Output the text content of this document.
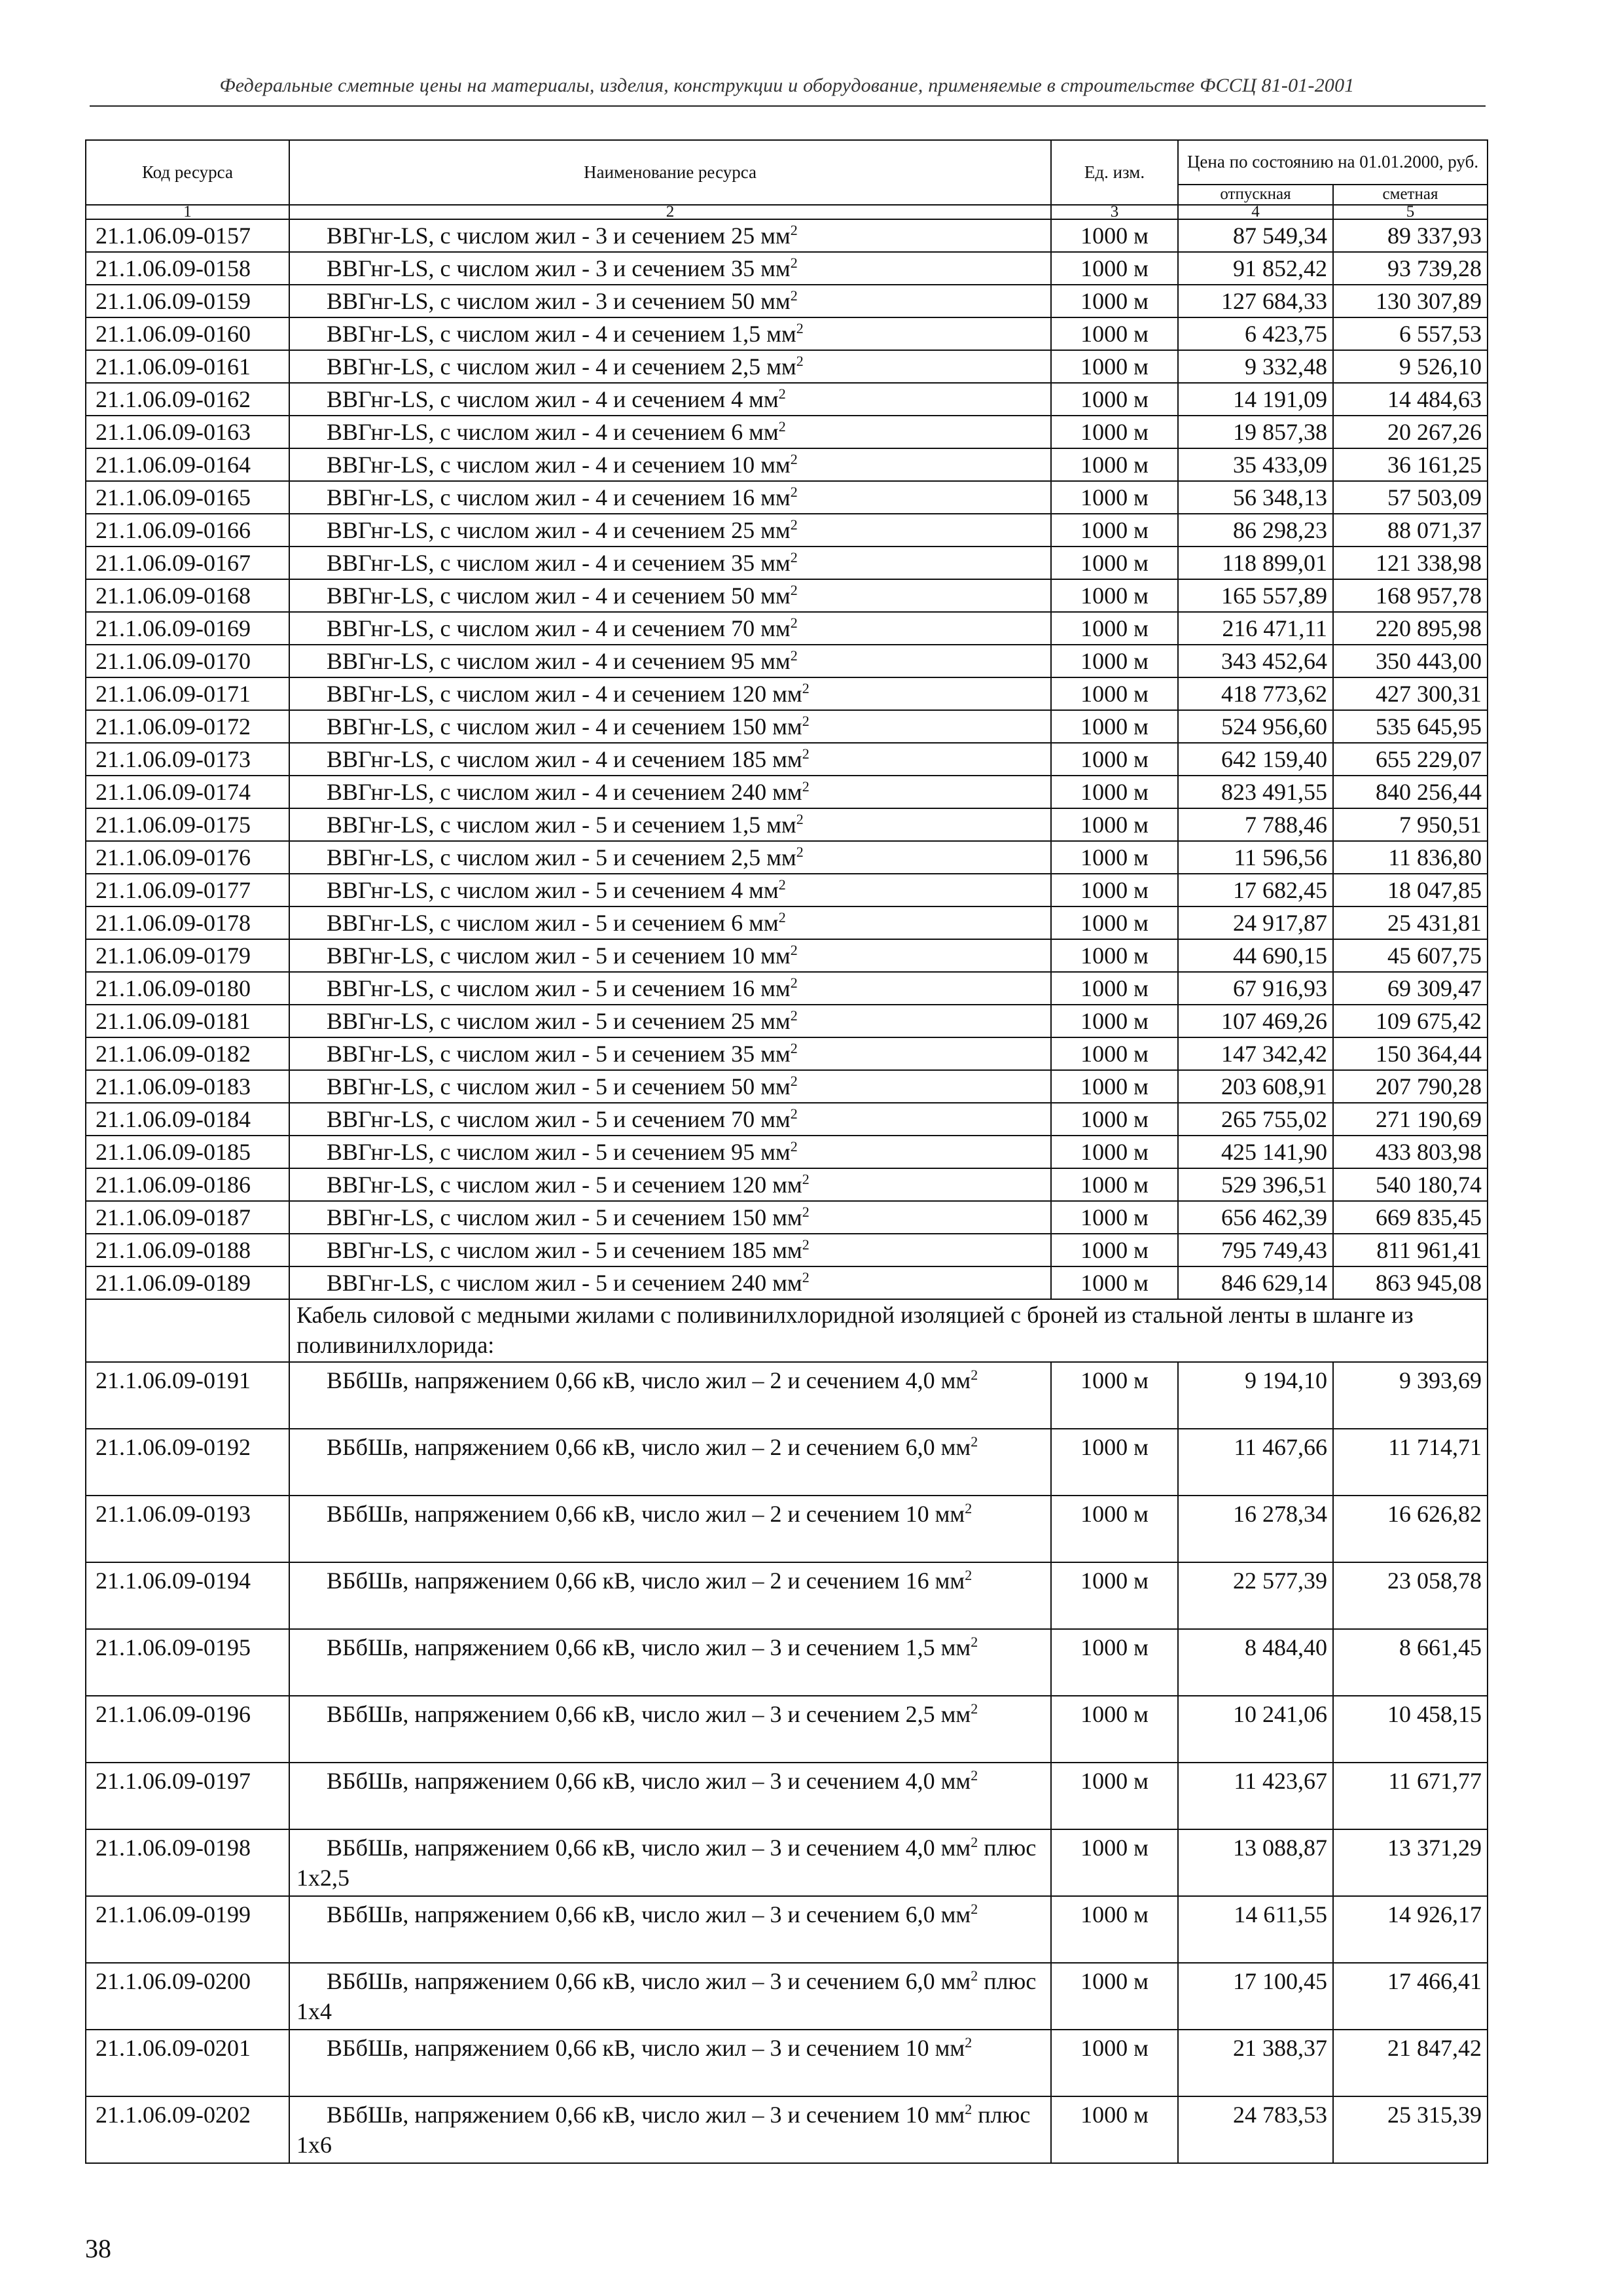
Федеральные сметные цены на материалы, изделия, конструкции и оборудование, применяемые в строительстве ФССЦ 81-01-2001
Код ресурса	Наименование ресурса	Ед. изм.	Цена по состоянию на 01.01.2000, руб.	
			отпускная	сметная
1	2	3	4	5
21.1.06.09-0157	ВВГнг-LS, с числом жил - 3 и сечением 25 $мм^2$	1000 м	87 549,34	89 337,93
21.1.06.09-0158	ВВГнг-LS, с числом жил - 3 и сечением 35 $мм^2$	1000 м	91 852,42	93 739,28
21.1.06.09-0159	ВВГнг-LS, с числом жил - 3 и сечением 50 $мм^2$	1000 м	127 684,33	130 307,89
21.1.06.09-0160	ВВГнг-LS, с числом жил - 4 и сечением 1,5 $мм^2$	1000 м	6 423,75	6 557,53
21.1.06.09-0161	ВВГнг-LS, с числом жил - 4 и сечением 2,5 $мм^2$	1000 м	9 332,48	9 526,10
21.1.06.09-0162	ВВГнг-LS, с числом жил - 4 и сечением 4 $мм^2$	1000 м	14 191,09	14 484,63
21.1.06.09-0163	ВВГнг-LS, с числом жил - 4 и сечением 6 $мм^2$	1000 м	19 857,38	20 267,26
21.1.06.09-0164	ВВГнг-LS, с числом жил - 4 и сечением 10 $мм^2$	1000 м	35 433,09	36 161,25
21.1.06.09-0165	ВВГнг-LS, с числом жил - 4 и сечением 16 $мм^2$	1000 м	56 348,13	57 503,09
21.1.06.09-0166	ВВГнг-LS, с числом жил - 4 и сечением 25 $мм^2$	1000 м	86 298,23	88 071,37
21.1.06.09-0167	ВВГнг-LS, с числом жил - 4 и сечением 35 $мм^2$	1000 м	118 899,01	121 338,98
21.1.06.09-0168	ВВГнг-LS, с числом жил - 4 и сечением 50 $мм^2$	1000 м	165 557,89	168 957,78
21.1.06.09-0169	ВВГнг-LS, с числом жил - 4 и сечением 70 $мм^2$	1000 м	216 471,11	220 895,98
21.1.06.09-0170	ВВГнг-LS, с числом жил - 4 и сечением 95 $мм^2$	1000 м	343 452,64	350 443,00
21.1.06.09-0171	ВВГнг-LS, с числом жил - 4 и сечением 120 $мм^2$	1000 м	418 773,62	427 300,31
21.1.06.09-0172	ВВГнг-LS, с числом жил - 4 и сечением 150 $мм^2$	1000 м	524 956,60	535 645,95
21.1.06.09-0173	ВВГнг-LS, с числом жил - 4 и сечением 185 $мм^2$	1000 м	642 159,40	655 229,07
21.1.06.09-0174	ВВГнг-LS, с числом жил - 4 и сечением 240 $мм^2$	1000 м	823 491,55	840 256,44
21.1.06.09-0175	ВВГнг-LS, с числом жил - 5 и сечением 1,5 $мм^2$	1000 м	7 788,46	7 950,51
21.1.06.09-0176	ВВГнг-LS, с числом жил - 5 и сечением 2,5 $мм^2$	1000 м	11 596,56	11 836,80
21.1.06.09-0177	ВВГнг-LS, с числом жил - 5 и сечением 4 $мм^2$	1000 м	17 682,45	18 047,85
21.1.06.09-0178	ВВГнг-LS, с числом жил - 5 и сечением 6 $мм^2$	1000 м	24 917,87	25 431,81
21.1.06.09-0179	ВВГнг-LS, с числом жил - 5 и сечением 10 $мм^2$	1000 м	44 690,15	45 607,75
21.1.06.09-0180	ВВГнг-LS, с числом жил - 5 и сечением 16 $мм^2$	1000 м	67 916,93	69 309,47
21.1.06.09-0181	ВВГнг-LS, с числом жил - 5 и сечением 25 $мм^2$	1000 м	107 469,26	109 675,42
21.1.06.09-0182	ВВГнг-LS, с числом жил - 5 и сечением 35 $мм^2$	1000 м	147 342,42	150 364,44
21.1.06.09-0183	ВВГнг-LS, с числом жил - 5 и сечением 50 $мм^2$	1000 м	203 608,91	207 790,28
21.1.06.09-0184	ВВГнг-LS, с числом жил - 5 и сечением 70 $мм^2$	1000 м	265 755,02	271 190,69
21.1.06.09-0185	ВВГнг-LS, с числом жил - 5 и сечением 95 $мм^2$	1000 м	425 141,90	433 803,98
21.1.06.09-0186	ВВГнг-LS, с числом жил - 5 и сечением 120 $мм^2$	1000 м	529 396,51	540 180,74
21.1.06.09-0187	ВВГнг-LS, с числом жил - 5 и сечением 150 $мм^2$	1000 м	656 462,39	669 835,45
21.1.06.09-0188	ВВГнг-LS, с числом жил - 5 и сечением 185 $мм^2$	1000 м	795 749,43	811 961,41
21.1.06.09-0189	ВВГнг-LS, с числом жил - 5 и сечением 240 $мм^2$	1000 м	846 629,14	863 945,08
	Кабель силовой с медными жилами с поливинилхлоридной изоляцией с броней из стальной ленты в шланге из поливинилхлорида:			
21.1.06.09-0191	ВБбШв, напряжением 0,66 кВ, число жил – 2 и сечением 4,0 $мм^2$	1000 м	9 194,10	9 393,69
21.1.06.09-0192	ВБбШв, напряжением 0,66 кВ, число жил – 2 и сечением 6,0 $мм^2$	1000 м	11 467,66	11 714,71
21.1.06.09-0193	ВБбШв, напряжением 0,66 кВ, число жил – 2 и сечением 10 $мм^2$	1000 м	16 278,34	16 626,82
21.1.06.09-0194	ВБбШв, напряжением 0,66 кВ, число жил – 2 и сечением 16 $мм^2$	1000 м	22 577,39	23 058,78
21.1.06.09-0195	ВБбШв, напряжением 0,66 кВ, число жил – 3 и сечением 1,5 $мм^2$	1000 м	8 484,40	8 661,45
21.1.06.09-0196	ВБбШв, напряжением 0,66 кВ, число жил – 3 и сечением 2,5 $мм^2$	1000 м	10 241,06	10 458,15
21.1.06.09-0197	ВБбШв, напряжением 0,66 кВ, число жил – 3 и сечением 4,0 $мм^2$	1000 м	11 423,67	11 671,77
21.1.06.09-0198	ВБбШв, напряжением 0,66 кВ, число жил – 3 и сечением 4,0 $мм^2$ плюс 1х2,5	1000 м	13 088,87	13 371,29
21.1.06.09-0199	ВБбШв, напряжением 0,66 кВ, число жил – 3 и сечением 6,0 $мм^2$	1000 м	14 611,55	14 926,17
21.1.06.09-0200	ВБбШв, напряжением 0,66 кВ, число жил – 3 и сечением 6,0 $мм^2$ плюс 1х4	1000 м	17 100,45	17 466,41
21.1.06.09-0201	ВБбШв, напряжением 0,66 кВ, число жил – 3 и сечением 10 $мм^2$	1000 м	21 388,37	21 847,42
21.1.06.09-0202	ВБбШв, напряжением 0,66 кВ, число жил – 3 и сечением 10 $мм^2$ плюс 1х6	1000 м	24 783,53	25 315,39
38
